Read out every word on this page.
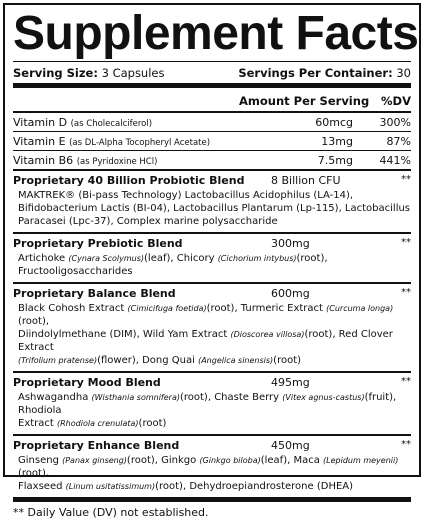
Supplement Facts
Serving Size: 3 Capsules	Servings Per Container: 30
Amount Per Serving	%DV
Vitamin D (as Cholecalciferol)	60mcg	300%
Vitamin E (as DL-Alpha Tocopheryl Acetate)	13mg	87%
Vitamin B6 (as Pyridoxine HCl)	7.5mg	441%
Proprietary 40 Billion Probiotic Blend	8 Billion CFU	**
MAKTREK® (Bi-pass Technology) Lactobacillus Acidophilus (LA-14),
Bifidobacterium Lactis (BI-04), Lactobacillus Plantarum (Lp-115), Lactobacillus
Paracasei (Lpc-37), Complex marine polysaccharide
Proprietary Prebiotic Blend	300mg	**
Artichoke (Cynara Scolymus)(leaf), Chicory (Cichorium intybus)(root), Fructooligosaccharides
Proprietary Balance Blend	600mg	**
Black Cohosh Extract (Cimicifuga foetida)(root), Turmeric Extract (Curcuma longa)(root),
Diindolylmethane (DIM), Wild Yam Extract (Dioscorea villosa)(root), Red Clover Extract
(Trifolium pratense)(flower), Dong Quai (Angelica sinensis)(root)
Proprietary Mood Blend	495mg	**
Ashwagandha (Wisthania somnifera)(root), Chaste Berry (Vitex agnus-castus)(fruit), Rhodiola
Extract (Rhodiola crenulata)(root)
Proprietary Enhance Blend	450mg	**
Ginseng (Panax ginseng)(root), Ginkgo (Ginkgo biloba)(leaf), Maca (Lepidum meyenii)(root),
Flaxseed (Linum usitatissimum)(root), Dehydroepiandrosterone (DHEA)
** Daily Value (DV) not established.
